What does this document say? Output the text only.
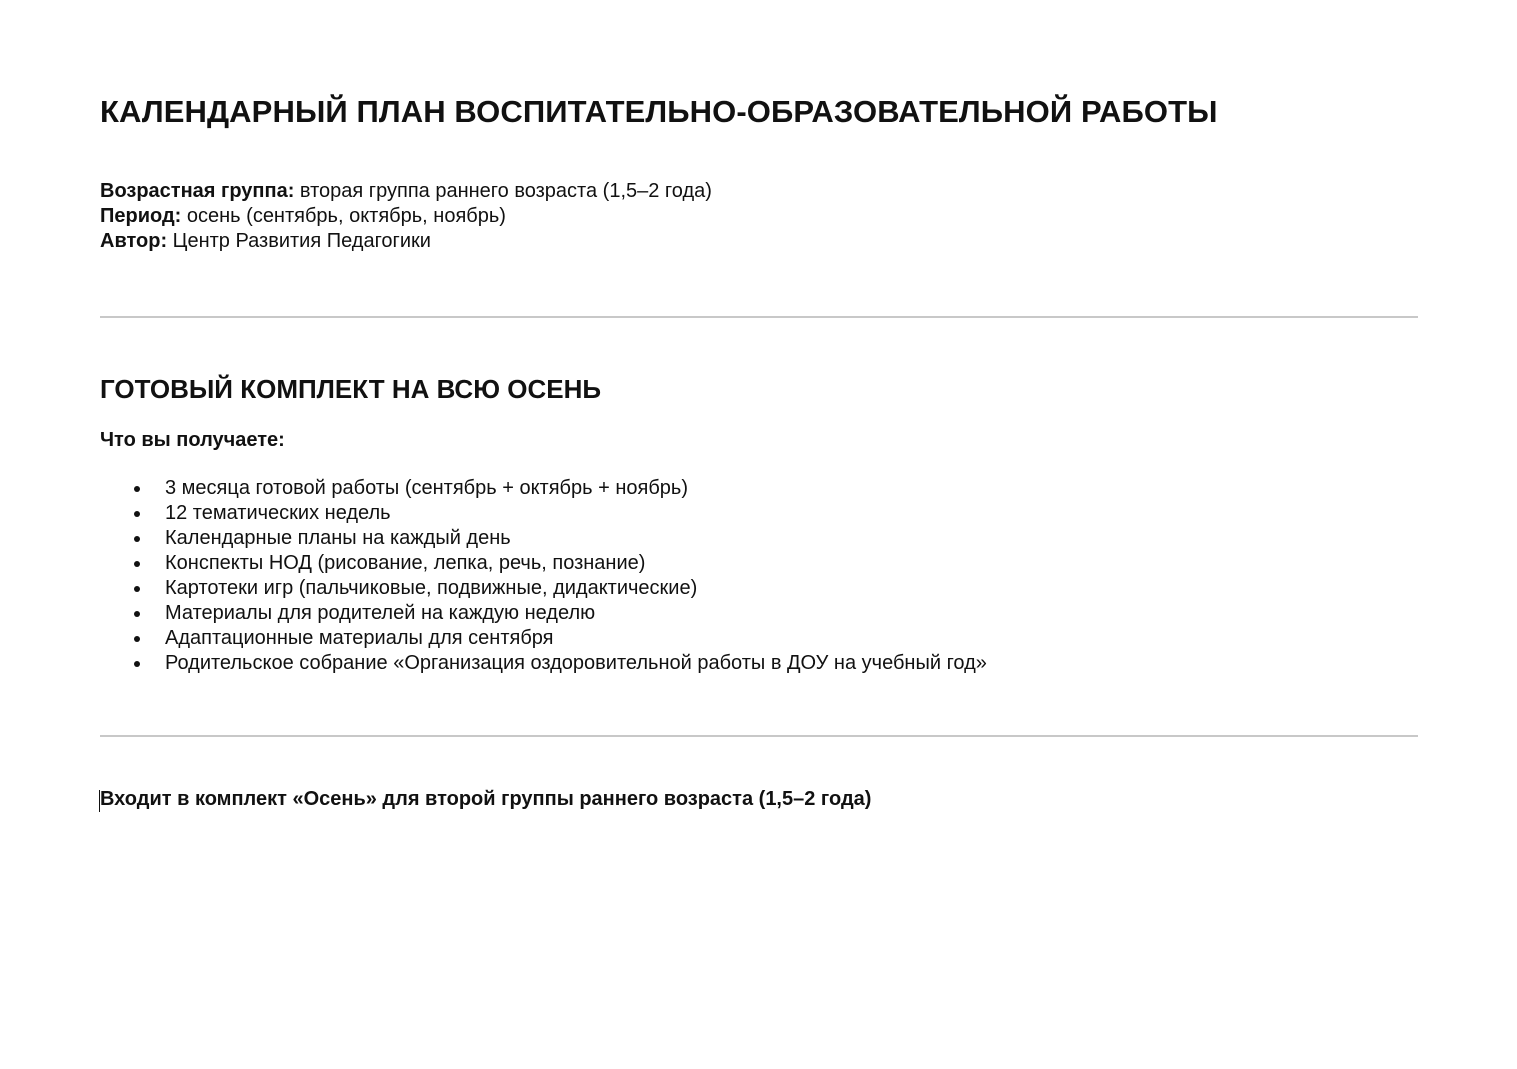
КАЛЕНДАРНЫЙ ПЛАН ВОСПИТАТЕЛЬНО-ОБРАЗОВАТЕЛЬНОЙ РАБОТЫ
Возрастная группа: вторая группа раннего возраста (1,5–2 года)
Период: осень (сентябрь, октябрь, ноябрь)
Автор: Центр Развития Педагогики
ГОТОВЫЙ КОМПЛЕКТ НА ВСЮ ОСЕНЬ
Что вы получаете:
3 месяца готовой работы (сентябрь + октябрь + ноябрь)
12 тематических недель
Календарные планы на каждый день
Конспекты НОД (рисование, лепка, речь, познание)
Картотеки игр (пальчиковые, подвижные, дидактические)
Материалы для родителей на каждую неделю
Адаптационные материалы для сентября
Родительское собрание «Организация оздоровительной работы в ДОУ на учебный год»
Входит в комплект «Осень» для второй группы раннего возраста (1,5–2 года)
